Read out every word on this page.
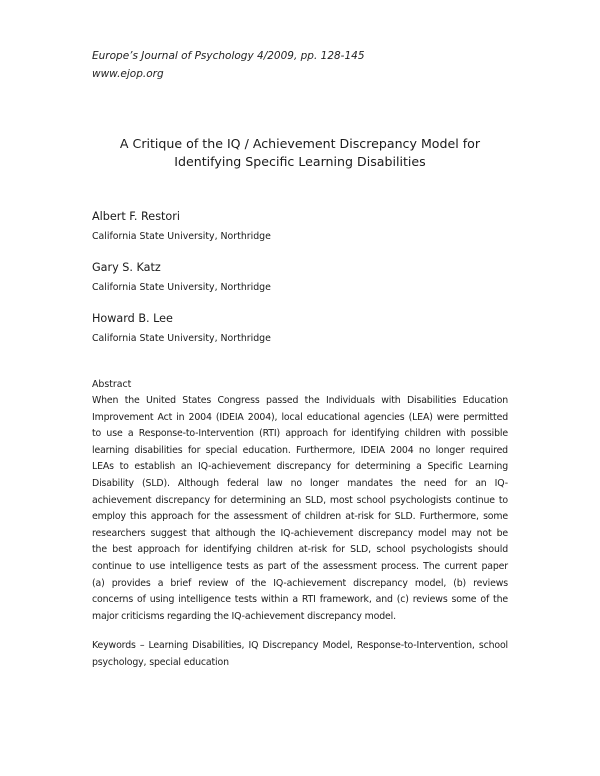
Europe’s Journal of Psychology 4/2009, pp. 128-145
www.ejop.org
A Critique of the IQ / Achievement Discrepancy Model for
Identifying Specific Learning Disabilities
Albert F. Restori
California State University, Northridge
Gary S. Katz
California State University, Northridge
Howard B. Lee
California State University, Northridge
Abstract
When the United States Congress passed the Individuals with Disabilities Education
Improvement Act in 2004 (IDEIA 2004), local educational agencies (LEA) were permitted
to use a Response-to-Intervention (RTI) approach for identifying children with possible
learning disabilities for special education. Furthermore, IDEIA 2004 no longer required
LEAs to establish an IQ-achievement discrepancy for determining a Specific Learning
Disability (SLD). Although federal law no longer mandates the need for an IQ-
achievement discrepancy for determining an SLD, most school psychologists continue to
employ this approach for the assessment of children at-risk for SLD. Furthermore, some
researchers suggest that although the IQ-achievement discrepancy model may not be
the best approach for identifying children at-risk for SLD, school psychologists should
continue to use intelligence tests as part of the assessment process. The current paper
(a) provides a brief review of the IQ-achievement discrepancy model, (b) reviews
concerns of using intelligence tests within a RTI framework, and (c) reviews some of the
major criticisms regarding the IQ-achievement discrepancy model.
Keywords – Learning Disabilities, IQ Discrepancy Model, Response-to-Intervention, school
psychology, special education
